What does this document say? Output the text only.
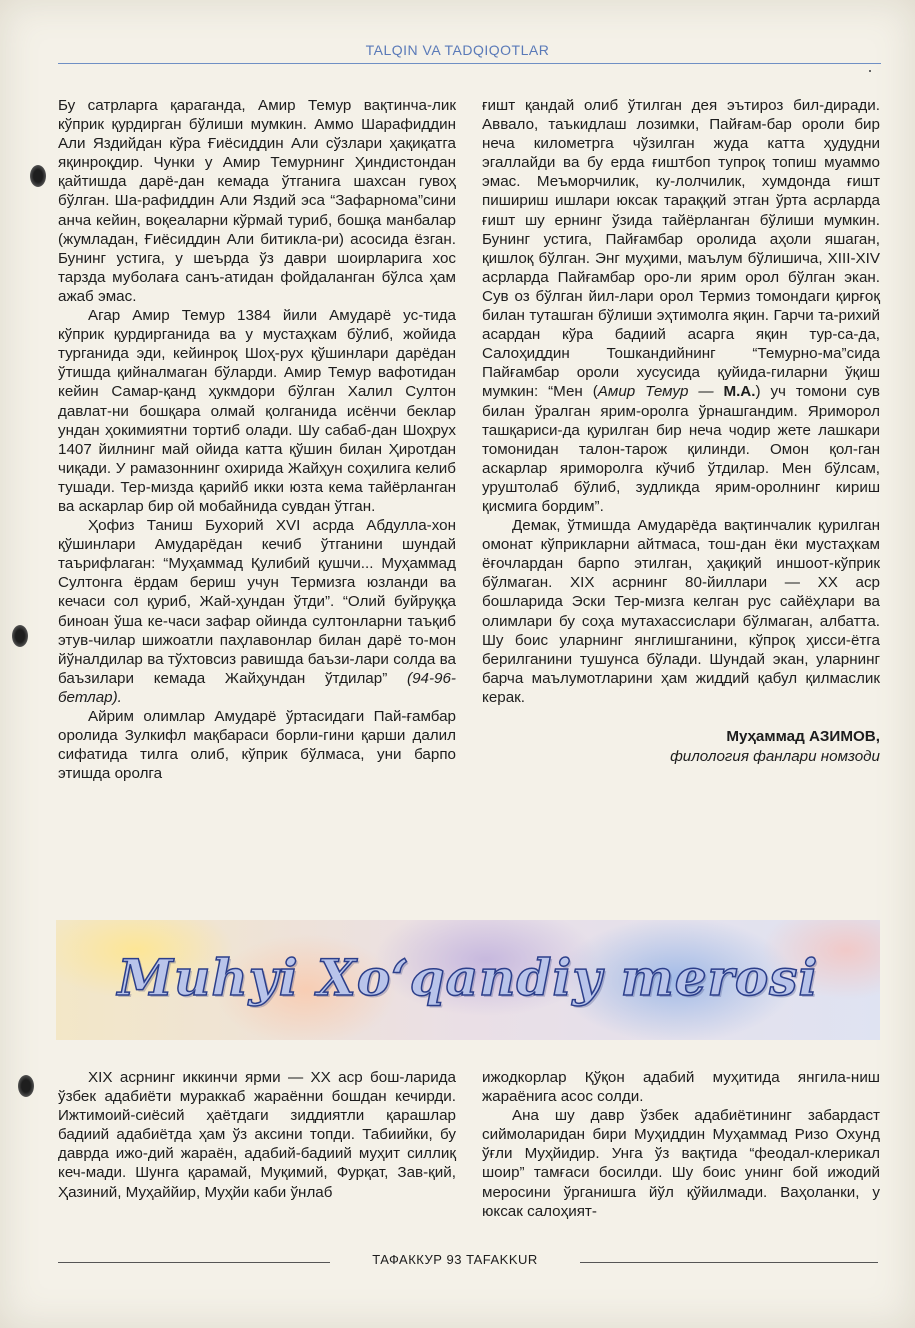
TALQIN VA TADQIQOTLAR

Бу сатрларга қараганда, Амир Темур вақтинча-лик кўприк қурдирган бўлиши мумкин. Аммо Шарафиддин Али Яздийдан кўра Ғиёсиддин Али сўзлари ҳақиқатга яқинроқдир. Чунки у Амир Темурнинг Ҳиндистондан қайтишда дарё-дан кемада ўтганига шахсан гувоҳ бўлган. Ша-рафиддин Али Яздий эса “Зафарнома”сини анча кейин, воқеаларни кўрмай туриб, бошқа манбалар (жумладан, Ғиёсиддин Али битикла-ри) асосида ёзган. Бунинг устига, у шеърда ўз даври шоирларига хос тарзда муболаға санъ-атидан фойдаланган бўлса ҳам ажаб эмас.

Агар Амир Темур 1384 йили Амударё ус-тида кўприк қурдирганида ва у мустаҳкам бўлиб, жойида турганида эди, кейинроқ Шоҳ-рух қўшинлари дарёдан ўтишда қийналмаган бўларди. Амир Темур вафотидан кейин Самар-қанд ҳукмдори бўлган Халил Султон давлат-ни бошқара олмай қолганида исёнчи беклар ундан ҳокимиятни тортиб олади. Шу сабаб-дан Шоҳрух 1407 йилнинг май ойида катта қўшин билан Ҳиротдан чиқади. У рамазоннинг охирида Жайҳун соҳилига келиб тушади. Тер-мизда қарийб икки юзта кема тайёрланган ва аскарлар бир ой мобайнида сувдан ўтган.

Ҳофиз Таниш Бухорий XVI асрда Абдулла-хон қўшинлари Амударёдан кечиб ўтганини шундай таърифлаган: “Муҳаммад Қулибий қушчи... Муҳаммад Султонга ёрдам бериш учун Термизга юзланди ва кечаси сол қуриб, Жай-ҳундан ўтди”. “Олий буйруққа биноан ўша ке-часи зафар ойинда султонларни таъқиб этув-чилар шижоатли паҳлавонлар билан дарё то-мон йўналдилар ва тўхтовсиз равишда баъзи-лари солда ва баъзилари кемада Жайҳундан ўтдилар” (94-96-бетлар).

Айрим олимлар Амударё ўртасидаги Пай-ғамбар оролида Зулкифл мақбараси борли-гини қарши далил сифатида тилга олиб, кўприк бўлмаса, уни барпо этишда оролга

ғишт қандай олиб ўтилган дея эътироз бил-диради. Аввало, таъкидлаш лозимки, Пайғам-бар ороли бир неча километрга чўзилган жуда катта ҳудудни эгаллайди ва бу ерда ғиштбоп тупроқ топиш муаммо эмас. Меъморчилик, ку-лолчилик, хумдонда ғишт пишириш ишлари юксак тараққий этган ўрта асрларда ғишт шу ернинг ўзида тайёрланган бўлиши мумкин. Бунинг устига, Пайғамбар оролида аҳоли яшаган, қишлоқ бўлган. Энг муҳими, маълум бўлишича, XIII-XIV асрларда Пайғамбар оро-ли ярим орол бўлган экан. Сув оз бўлган йил-лари орол Термиз томондаги қирғоқ билан туташган бўлиши эҳтимолга яқин. Гарчи та-рихий асардан кўра бадиий асарга яқин тур-са-да, Салоҳиддин Тошкандийнинг “Темурно-ма”сида Пайғамбар ороли хусусида қуйида-гиларни ўқиш мумкин: “Мен (Амир Темур — М.А.) уч томони сув билан ўралган ярим-оролга ўрнашгандим. Яриморол ташқариси-да қурилган бир неча чодир жете лашкари томонидан талон-тарож қилинди. Омон қол-ган аскарлар яриморолга кўчиб ўтдилар. Мен бўлсам, уруштолаб бўлиб, зудликда ярим-оролнинг кириш қисмига бордим”.

Демак, ўтмишда Амударёда вақтинчалик қурилган омонат кўприкларни айтмаса, тош-дан ёки мустаҳкам ёғочлардан барпо этилган, ҳақиқий иншоот-кўприк бўлмаган. XIX асрнинг 80-йиллари — XX аср бошларида Эски Тер-мизга келган рус сайёҳлари ва олимлари бу соҳа мутахассислари бўлмаган, албатта. Шу боис уларнинг янглишганини, кўпроқ ҳисси-ётга берилганини тушунса бўлади. Шундай экан, уларнинг барча маълумотларини ҳам жиддий қабул қилмаслик керак.

Муҳаммад АЗИМОВ,
филология фанлари номзоди
Muhyi Xo‘qandiy merosi

XIX асрнинг иккинчи ярми — XX аср бош-ларида ўзбек адабиёти мураккаб жараённи бошдан кечирди. Ижтимоий-сиёсий ҳаётдаги зиддиятли қарашлар бадиий адабиётда ҳам ўз аксини топди. Табиийки, бу даврда ижо-дий жараён, адабий-бадиий муҳит силлиқ кеч-мади. Шунга қарамай, Муқимий, Фурқат, Зав-қий, Ҳазиний, Муҳаййир, Муҳйи каби ўнлаб

ижодкорлар Қўқон адабий муҳитида янгила-ниш жараёнига асос солди.

Ана шу давр ўзбек адабиётининг забардаст сиймоларидан бири Муҳиддин Муҳаммад Ризо Охунд ўғли Муҳйидир. Унга ўз вақтида “феодал-клерикал шоир” тамғаси босилди. Шу боис унинг бой ижодий меросини ўрганишга йўл қўйилмади. Ваҳоланки, у юксак салоҳият-

ТАФАККУР 93 TAFAKKUR
